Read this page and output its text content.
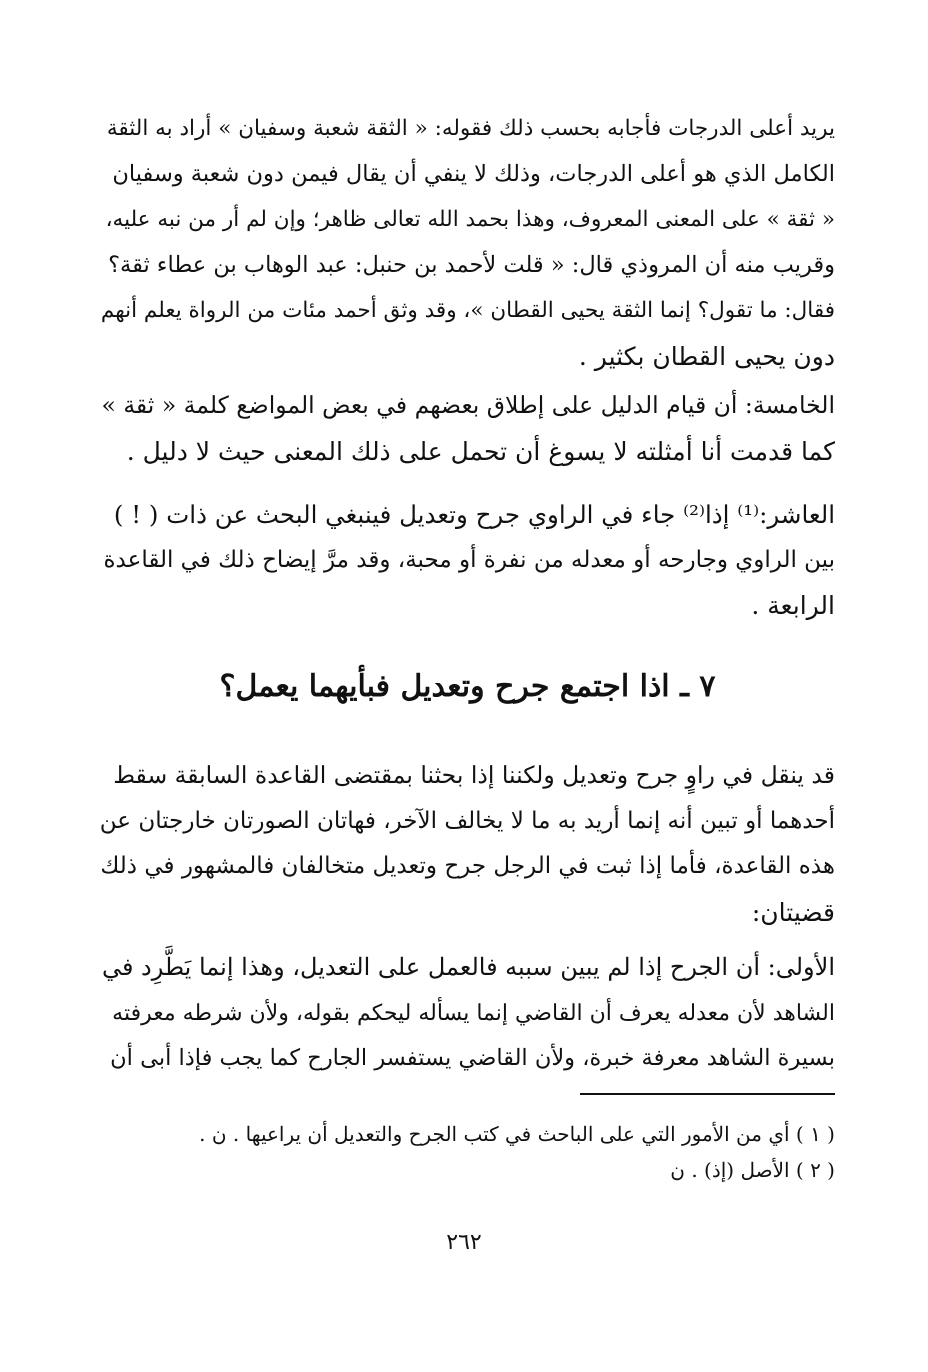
يريد أعلى الدرجات فأجابه بحسب ذلك فقوله: « الثقة شعبة وسفيان » أراد به الثقة
الكامل الذي هو أعلى الدرجات، وذلك لا ينفي أن يقال فيمن دون شعبة وسفيان
« ثقة » على المعنى المعروف، وهذا بحمد الله تعالى ظاهر؛ وإن لم أر من نبه عليه،
وقريب منه أن المروذي قال: « قلت لأحمد بن حنبل: عبد الوهاب بن عطاء ثقة؟
فقال: ما تقول؟ إنما الثقة يحيى القطان »، وقد وثق أحمد مئات من الرواة يعلم أنهم
دون يحيى القطان بكثير .
الخامسة: أن قيام الدليل على إطلاق بعضهم في بعض المواضع كلمة « ثقة »
كما قدمت أنا أمثلته لا يسوغ أن تحمل على ذلك المعنى حيث لا دليل .
العاشر:⁽¹⁾ إذا⁽²⁾ جاء في الراوي جرح وتعديل فينبغي البحث عن ذات ( ! )
بين الراوي وجارحه أو معدله من نفرة أو محبة، وقد مرَّ إيضاح ذلك في القاعدة
الرابعة .
٧ ـ اذا اجتمع جرح وتعديل فبأيهما يعمل؟
قد ينقل في راوٍ جرح وتعديل ولكننا إذا بحثنا بمقتضى القاعدة السابقة سقط
أحدهما أو تبين أنه إنما أريد به ما لا يخالف الآخر، فهاتان الصورتان خارجتان عن
هذه القاعدة، فأما إذا ثبت في الرجل جرح وتعديل متخالفان فالمشهور في ذلك
قضيتان:
الأولى: أن الجرح إذا لم يبين سببه فالعمل على التعديل، وهذا إنما يَطَّرِد في
الشاهد لأن معدله يعرف أن القاضي إنما يسأله ليحكم بقوله، ولأن شرطه معرفته
بسيرة الشاهد معرفة خبرة، ولأن القاضي يستفسر الجارح كما يجب فإذا أبى أن
( ١ ) أي من الأمور التي على الباحث في كتب الجرح والتعديل أن يراعيها . ن .
( ٢ ) الأصل (إذ) . ن
٢٦٢
